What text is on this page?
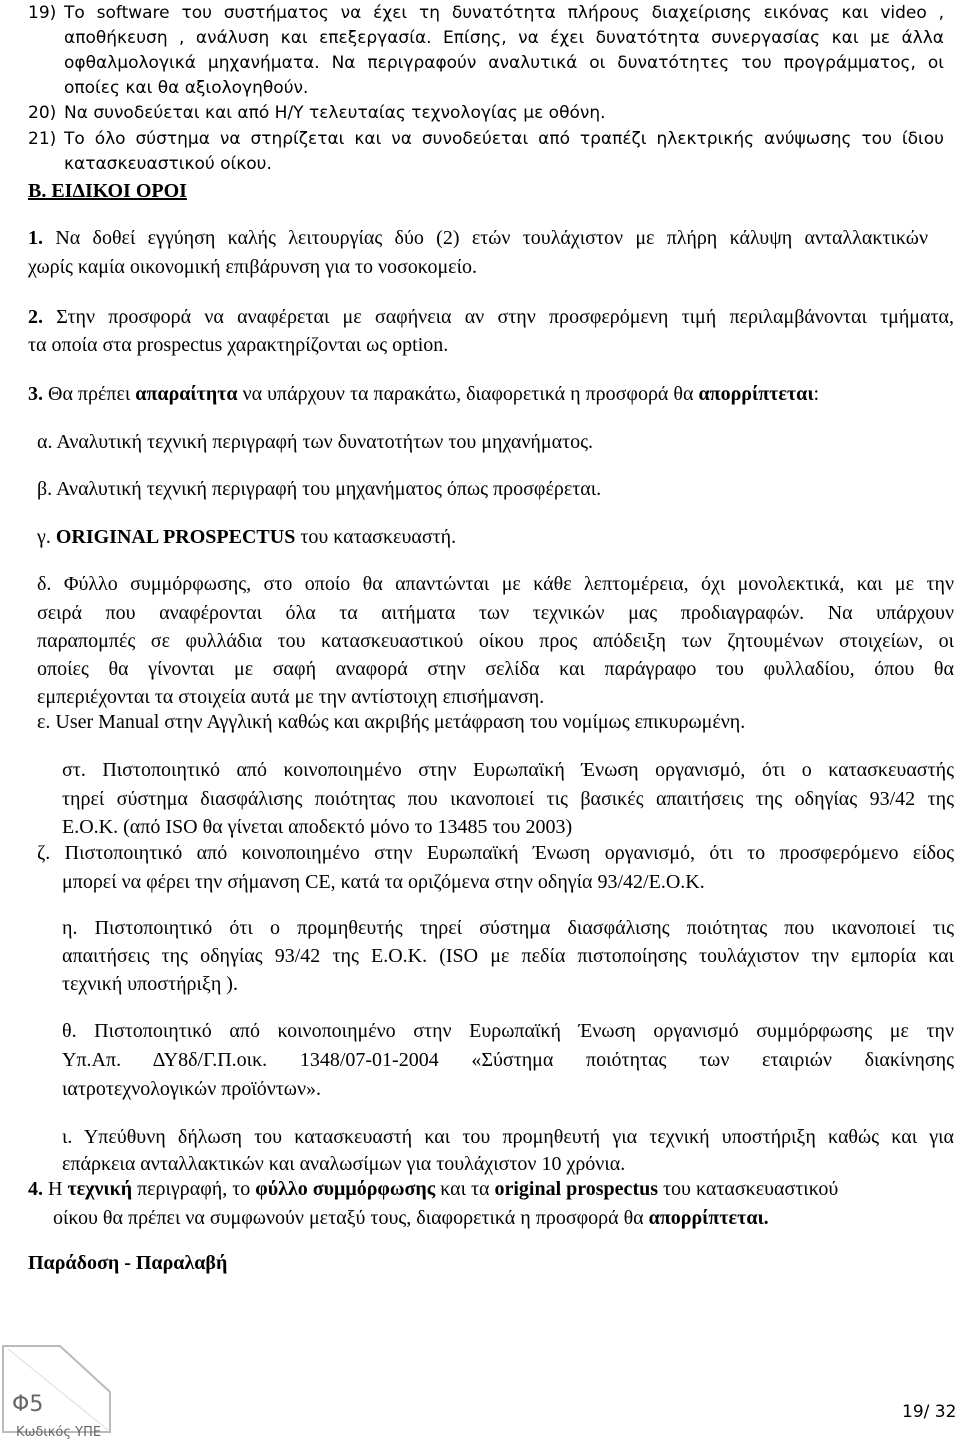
19) Το software του συστήματος να έχει τη δυνατότητα πλήρους διαχείρισης εικόνας και video ,
αποθήκευση , ανάλυση και επεξεργασία. Επίσης, να έχει δυνατότητα συνεργασίας και με άλλα
οφθαλμολογικά μηχανήματα. Να περιγραφούν αναλυτικά οι δυνατότητες του προγράμματος, οι
οποίες και θα αξιολογηθούν.
20) Να συνοδεύεται και από Η/Υ τελευταίας τεχνολογίας με οθόνη.
21) Το όλο σύστημα να στηρίζεται και να συνοδεύεται από τραπέζι ηλεκτρικής ανύψωσης του ίδιου
κατασκευαστικού οίκου.
Β. ΕΙΔΙΚΟΙ ΟΡΟΙ
1. Να δοθεί εγγύηση καλής λειτουργίας δύο (2) ετών τουλάχιστον με πλήρη κάλυψη ανταλλακτικών
χωρίς καμία οικονομική επιβάρυνση για το νοσοκομείο.
2. Στην προσφορά να αναφέρεται με σαφήνεια αν στην προσφερόμενη τιμή περιλαμβάνονται τμήματα,
τα οποία στα prospectus χαρακτηρίζονται ως option.
3. Θα πρέπει απαραίτητα να υπάρχουν τα παρακάτω, διαφορετικά η προσφορά θα απορρίπτεται:
α. Αναλυτική τεχνική περιγραφή των δυνατοτήτων του μηχανήματος.
β. Αναλυτική τεχνική περιγραφή του μηχανήματος όπως προσφέρεται.
γ. ORIGINAL PROSPECTUS του κατασκευαστή.
δ. Φύλλο συμμόρφωσης, στο οποίο θα απαντώνται με κάθε λεπτομέρεια, όχι μονολεκτικά, και με την
σειρά που αναφέρονται όλα τα αιτήματα των τεχνικών μας προδιαγραφών. Να υπάρχουν
παραπομπές σε φυλλάδια του κατασκευαστικού οίκου προς απόδειξη των ζητουμένων στοιχείων, οι
οποίες θα γίνονται με σαφή αναφορά στην σελίδα και παράγραφο του φυλλαδίου, όπου θα
εμπεριέχονται τα στοιχεία αυτά με την αντίστοιχη επισήμανση.
ε. User Manual στην Αγγλική καθώς και ακριβής μετάφραση του νομίμως επικυρωμένη.
στ. Πιστοποιητικό από κοινοποιημένο στην Ευρωπαϊκή Ένωση οργανισμό, ότι ο κατασκευαστής
τηρεί σύστημα διασφάλισης ποιότητας που ικανοποιεί τις βασικές απαιτήσεις της οδηγίας 93/42 της
Ε.Ο.Κ. (από ISO θα γίνεται αποδεκτό μόνο το 13485 του 2003)
ζ. Πιστοποιητικό από κοινοποιημένο στην Ευρωπαϊκή Ένωση οργανισμό, ότι το προσφερόμενο είδος
μπορεί να φέρει την σήμανση CE, κατά τα οριζόμενα στην οδηγία 93/42/Ε.Ο.Κ.
η. Πιστοποιητικό ότι ο προμηθευτής τηρεί σύστημα διασφάλισης ποιότητας που ικανοποιεί τις
απαιτήσεις της οδηγίας 93/42 της Ε.Ο.Κ. (ISO με πεδία πιστοποίησης τουλάχιστον την εμπορία και
τεχνική υποστήριξη ).
θ. Πιστοποιητικό από κοινοποιημένο στην Ευρωπαϊκή Ένωση οργανισμό συμμόρφωσης με την
Υπ.Απ. ΔΥ8δ/Γ.Π.οικ. 1348/07-01-2004 «Σύστημα ποιότητας των εταιριών διακίνησης
ιατροτεχνολογικών προϊόντων».
ι. Υπεύθυνη δήλωση του κατασκευαστή και του προμηθευτή για τεχνική υποστήριξη καθώς και για
επάρκεια ανταλλακτικών και αναλωσίμων για τουλάχιστον 10 χρόνια.
4. Η τεχνική περιγραφή, το φύλλο συμμόρφωσης και τα original prospectus του κατασκευαστικού
οίκου θα πρέπει να συμφωνούν μεταξύ τους, διαφορετικά η προσφορά θα απορρίπτεται.
Παράδοση - Παραλαβή
Φ5
Κωδικός ΥΠΕ
19/ 32
